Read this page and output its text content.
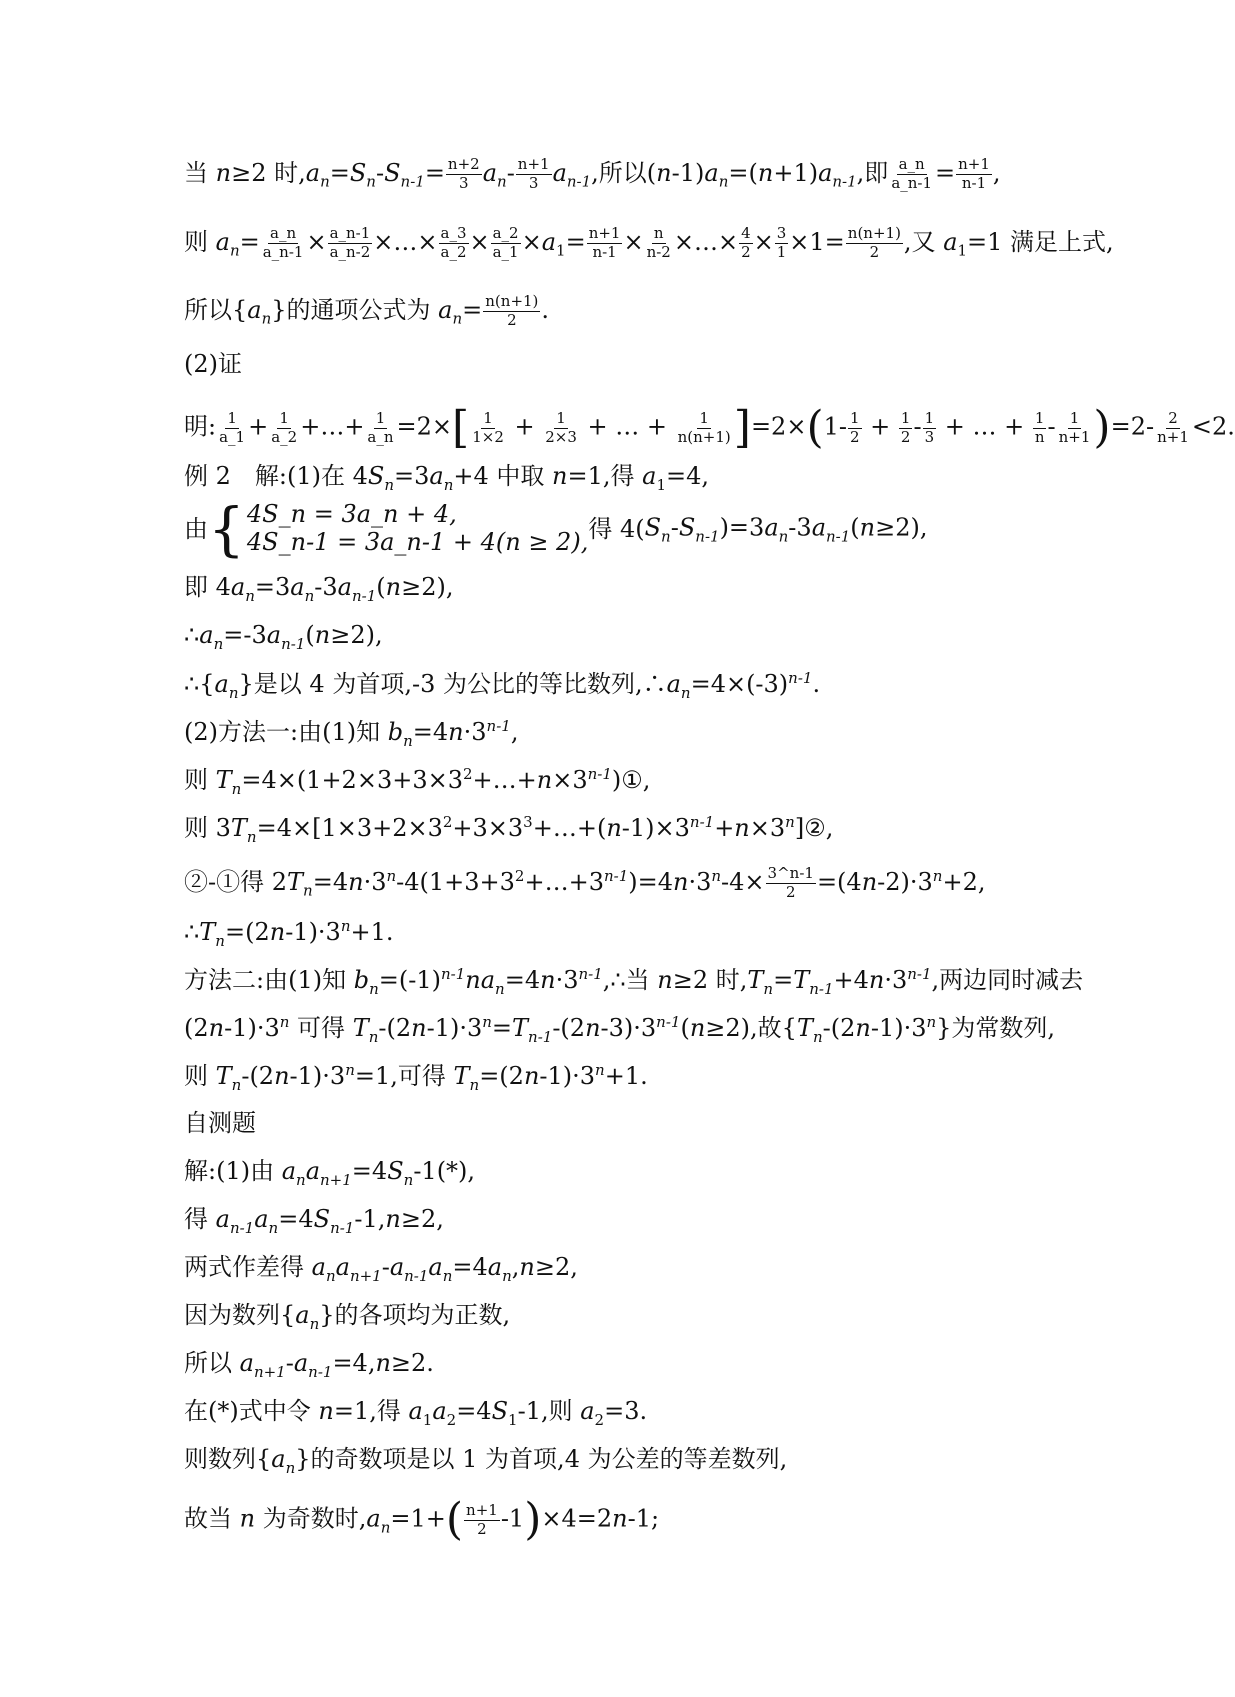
当 n≥2 时$,a_n=S_n-S_{n-1}= \frac{n+2}{3} a_n- \frac{n+1}{3} a_{n-1}$,所以$(n-1)a_n=(n+1)a_{n-1}$,即 $\frac{a\_n}{a\_n-1} = \frac{n+1}{n-1}$ ,
则 $a_n= \frac{a\_n}{a\_n-1} \times \frac{a\_n-1}{a\_n-2}$ ×…× $\frac{a\_3}{a\_2} \times \frac{a\_2}{a\_1} \times a_1= \frac{n+1}{n-1} \times \frac{n}{n-2}$ ×…× $\frac{4}{2} \times \frac{3}{1} \times 1= \frac{n(n+1)}{2}$ ,又 $a_1=1$ 满足上式,
所以$\{a_n\}$的通项公式为 $a_n= \frac{n(n+1)}{2}$ .
(2)证
明: $\frac{1}{a\_1} + \frac{1}{a\_2}$ +…+ $\frac{1}{a\_n} =2\times[ \frac{1}{1\times 2} + \frac{1}{2\times 3}$ + … + $\frac{1}{n(n+1)} ]=2\times(1- \frac{1}{2} + \frac{1}{2} - \frac{1}{3}$ + … + $\frac{1}{n} - \frac{1}{n+1} )=2- \frac{2}{n+1} <2$.
例 2　解:(1)在 $4S_n=3a_n+4$ 中取 n=1,得 $a_1=4$,
由 { 4S_n = 3a_n + 4,
4S_n-1 = 3a_n-1 + 4(n ≥ 2), 得 $4(S_n-S_{n-1})=3a_n-3a_{n-1}(n\ge 2)$,
即 $4a_n=3a_n-3a_{n-1}(n\ge 2)$,
$\therefore a_n=-3a_{n-1}(n\ge 2)$,
$\therefore\{a_n\}$是以 4 为首项,-3 为公比的等比数列$,\therefore a_n=4\times(-3)^{n-1}$.
(2)方法一:由(1)知 $b_n=4n\cdot 3^{n-1}$,
则 $T_n=4\times(1+2\times 3+3\times 3^2+\dots+n\times 3^{n-1})①$,
则 $3T_n=4\times[1\times 3+2\times 3^2+3\times 3^3+\dots+(n-1)\times 3^{n-1}+n\times 3^n]②$,
②-①得 $2T_n=4n\cdot 3^n-4(1+3+3^2+\dots+3^{n-1})=4n\cdot 3^n-4\times \frac{3\^{}n-1}{2} =(4n-2)\cdot 3^n+2$,
$\therefore T_n=(2n-1)\cdot 3^n+1$.
方法二:由(1)知 $b_n=(-1)^{n-1}na_n=4n\cdot 3^{n-1},\therefore$当 n≥2 时$,T_n=T_{n-1}+4n\cdot 3^{n-1}$,两边同时减去
$(2n-1)\cdot 3^n$ 可得 $T_n-(2n-1)\cdot 3^n=T_{n-1}-(2n-3)\cdot 3^{n-1}(n\ge 2)$,故$\{T_n-(2n-1)\cdot 3^n\}$为常数列,
则 $T_n-(2n-1)\cdot 3^n=1$,可得 $T_n=(2n-1)\cdot 3^n+1$.
自测题
解:(1)由 $a_na_{n+1}=4S_n-1(*)$,
得 $a_{n-1}a_n=4S_{n-1}-1,n\ge 2$,
两式作差得 $a_na_{n+1}-a_{n-1}a_n=4a_n,n\ge 2$,
因为数列$\{a_n\}$的各项均为正数,
所以 $a_{n+1}-a_{n-1}=4,n\ge 2$.
在(*)式中令 n=1,得 $a_1a_2=4S_1-1$,则 $a_2=3$.
则数列$\{a_n\}$的奇数项是以 1 为首项,4 为公差的等差数列,
故当 n 为奇数时$,a_n=1+( \frac{n+1}{2} -1)\times 4=2n-1$;
